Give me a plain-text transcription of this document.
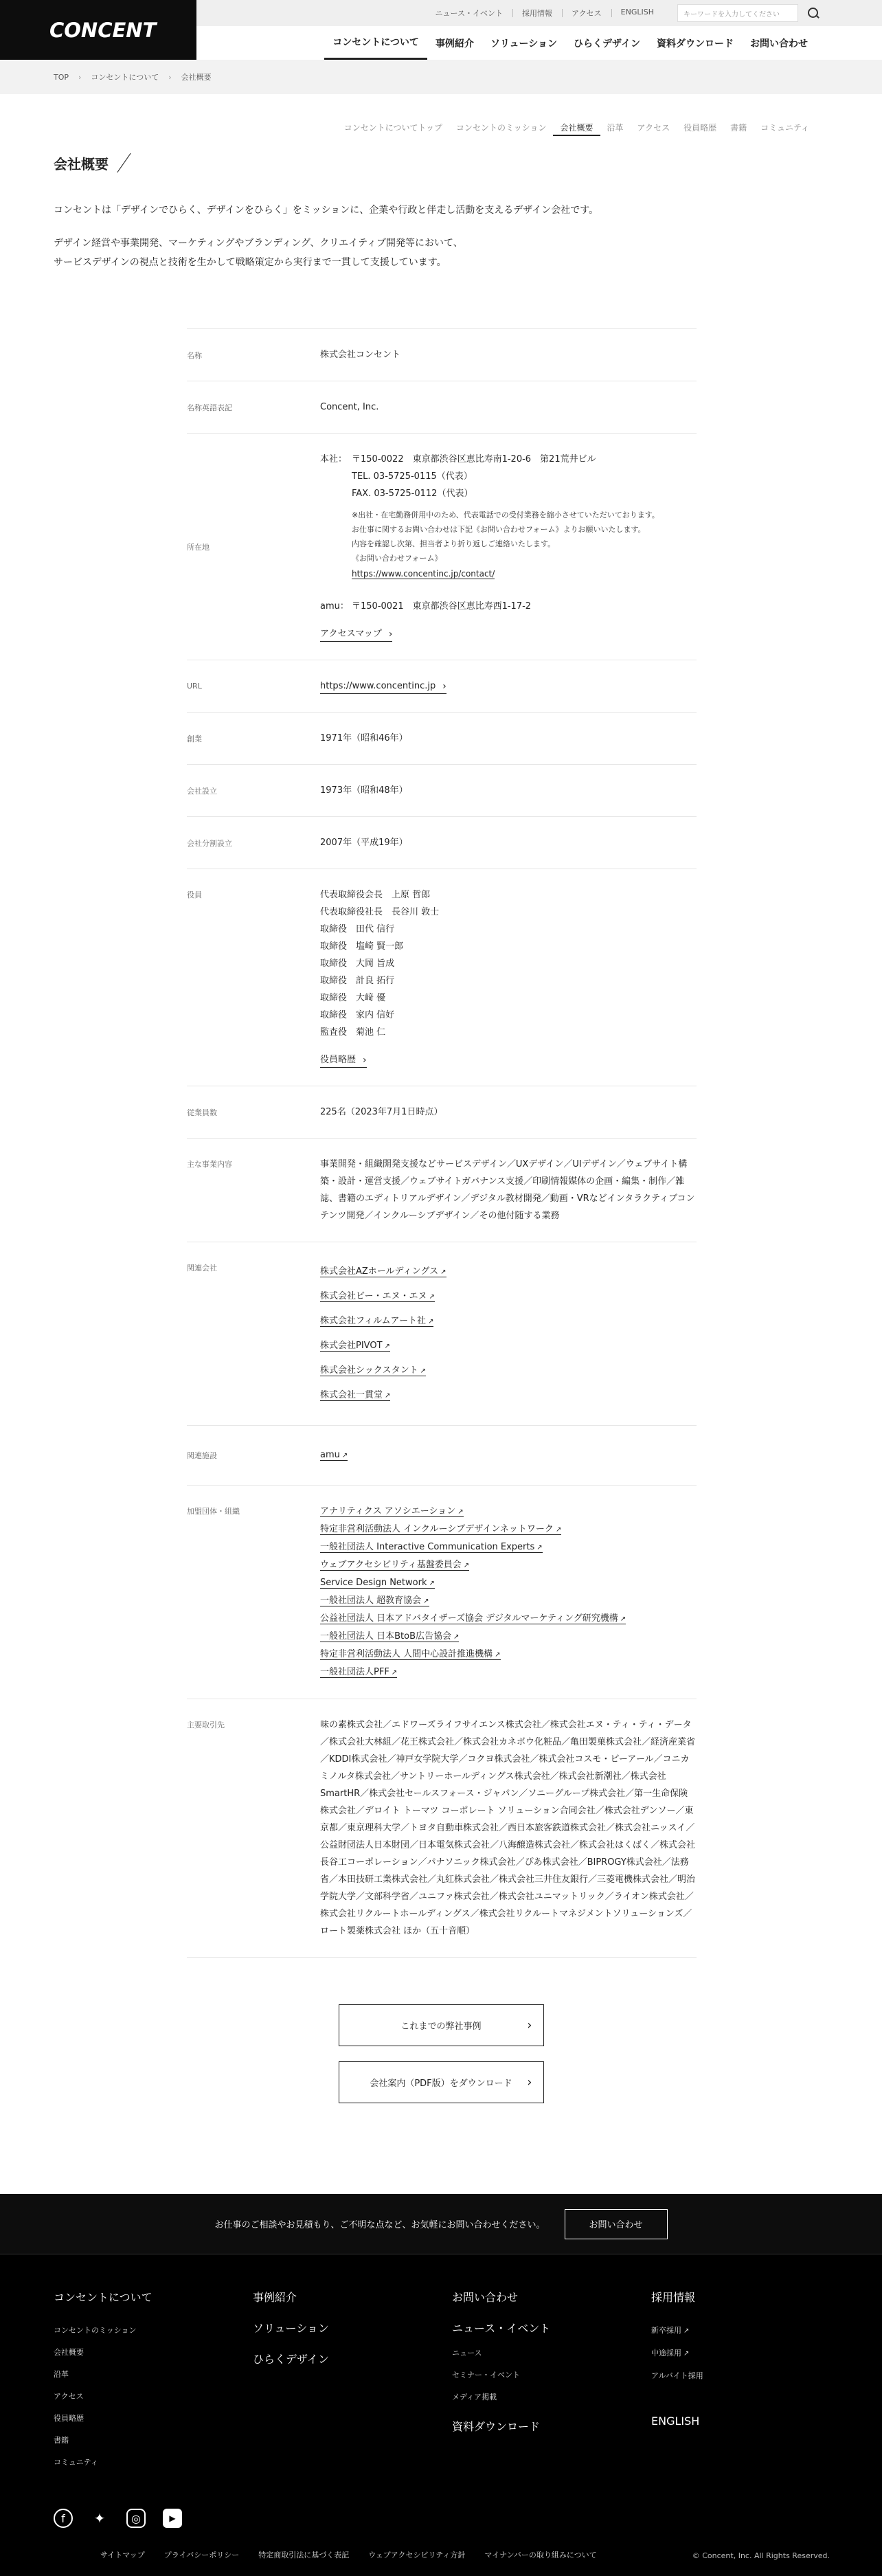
CONCENT
ニュース・イベント	採用情報	アクセス	ENGLISH	キーワードを入力してください
コンセントについて	事例紹介	ソリューション	ひらくデザイン	資料ダウンロード	お問い合わせ
TOP › コンセントについて › 会社概要
コンセントについてトップ	コンセントのミッション	会社概要	沿革	アクセス	役員略歴	書籍	コミュニティ
会社概要

コンセントは「デザインでひらく、デザインをひらく」をミッションに、企業や行政と伴走し活動を支えるデザイン会社です。

デザイン経営や事業開発、マーケティングやブランディング、クリエイティブ開発等において、
サービスデザインの視点と技術を生かして戦略策定から実行まで一貫して支援しています。

名称	株式会社コンセント
名称英語表記	Concent, Inc.
所在地
本社： 〒150-0022　東京都渋谷区恵比寿南1-20-6　第21荒井ビル
TEL. 03-5725-0115（代表）
FAX. 03-5725-0112（代表）
※出社・在宅勤務併用中のため、代表電話での受付業務を縮小させていただいております。
お仕事に関するお問い合わせは下記《お問い合わせフォーム》よりお願いいたします。
内容を確認し次第、担当者より折り返しご連絡いたします。
《お問い合わせフォーム》
https://www.concentinc.jp/contact/
amu： 〒150-0021　東京都渋谷区恵比寿西1-17-2
アクセスマップ ›
URL	https://www.concentinc.jp ›
創業	1971年（昭和46年）
会社設立	1973年（昭和48年）
会社分割設立	2007年（平成19年）
役員	代表取締役会長　上原 哲郎
代表取締役社長　長谷川 敦士
取締役　田代 信行
取締役　塩崎 賢一郎
取締役　大岡 旨成
取締役　計良 拓行
取締役　大﨑 優
取締役　家内 信好
監査役　菊池 仁
役員略歴 ›
従業員数	225名（2023年7月1日時点）
主な事業内容	事業開発・組織開発支援などサービスデザイン／UXデザイン／UIデザイン／ウェブサイト構築・設計・運営支援／ウェブサイトガバナンス支援／印刷情報媒体の企画・編集・制作／雑誌、書籍のエディトリアルデザイン／デジタル教材開発／動画・VRなどインタラクティブコンテンツ開発／インクルーシブデザイン／その他付随する業務
関連会社	株式会社AZホールディングス ↗
株式会社ビー・エヌ・エヌ ↗
株式会社フィルムアート社 ↗
株式会社PIVOT ↗
株式会社シックスタント ↗
株式会社一貫堂 ↗
関連施設	amu ↗
加盟団体・組織	アナリティクス アソシエーション ↗
特定非営利活動法人 インクルーシブデザインネットワーク ↗
一般社団法人 Interactive Communication Experts ↗
ウェブアクセシビリティ基盤委員会 ↗
Service Design Network ↗
一般社団法人 超教育協会 ↗
公益社団法人 日本アドバタイザーズ協会 デジタルマーケティング研究機構 ↗
一般社団法人 日本BtoB広告協会 ↗
特定非営利活動法人 人間中心設計推進機構 ↗
一般社団法人PFF ↗
主要取引先	味の素株式会社／エドワーズライフサイエンス株式会社／株式会社エヌ・ティ・ティ・データ／株式会社大林組／花王株式会社／株式会社カネボウ化粧品／亀田製菓株式会社／経済産業省／KDDI株式会社／神戸女学院大学／コクヨ株式会社／株式会社コスモ・ピーアール／コニカミノルタ株式会社／サントリーホールディングス株式会社／株式会社新潮社／株式会社SmartHR／株式会社セールスフォース・ジャパン／ソニーグループ株式会社／第一生命保険株式会社／デロイト トーマツ コーポレート ソリューション合同会社／株式会社デンソー／東京都／東京理科大学／トヨタ自動車株式会社／西日本旅客鉄道株式会社／株式会社ニッスイ／公益財団法人日本財団／日本電気株式会社／八海醸造株式会社／株式会社はくばく／株式会社 長谷工コーポレーション／パナソニック株式会社／ぴあ株式会社／BIPROGY株式会社／法務省／本田技研工業株式会社／丸紅株式会社／株式会社三井住友銀行／三菱電機株式会社／明治学院大学／文部科学省／ユニファ株式会社／株式会社ユニマットリック／ライオン株式会社／株式会社リクルートホールディングス／株式会社リクルートマネジメントソリューションズ／ロート製薬株式会社 ほか（五十音順）
これまでの弊社事例 ›
会社案内（PDF版）をダウンロード ›
お仕事のご相談やお見積もり、ご不明な点など、お気軽にお問い合わせください。	お問い合わせ
コンセントについて
コンセントのミッション
会社概要
沿革
アクセス
役員略歴
書籍
コミュニティ
事例紹介
ソリューション
ひらくデザイン
お問い合わせ
ニュース・イベント
ニュース
セミナー・イベント
メディア掲載
資料ダウンロード
採用情報
新卒採用 ↗
中途採用 ↗
アルバイト採用
ENGLISH
f	✦	◎	▶
サイトマップ	プライバシーポリシー	特定商取引法に基づく表記	ウェブアクセシビリティ方針	マイナンバーの取り組みについて	© Concent, Inc. All Rights Reserved.
